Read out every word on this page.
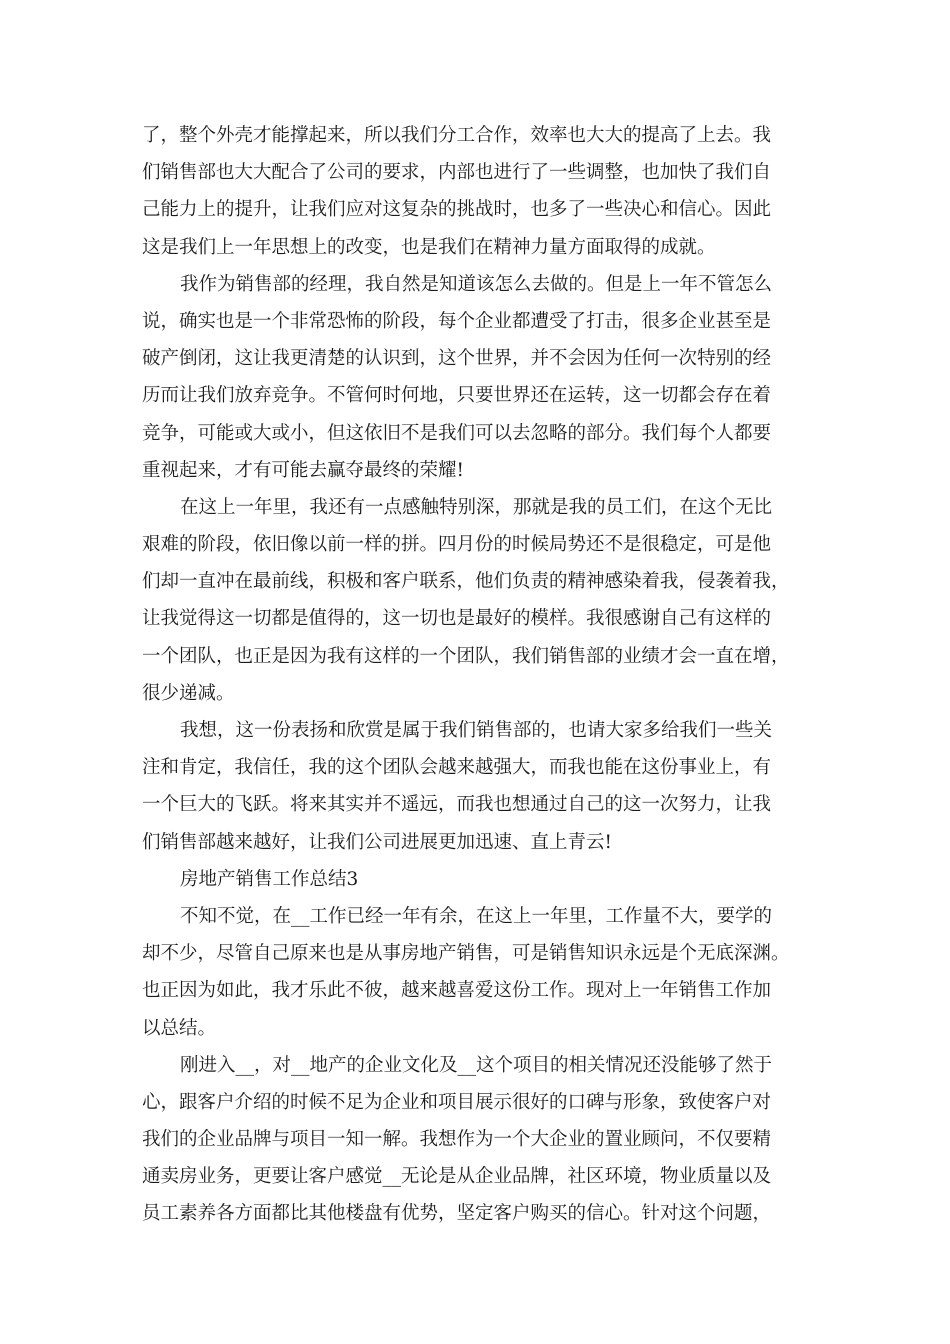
了，整个外壳才能撑起来，所以我们分工合作，效率也大大的提高了上去。我
们销售部也大大配合了公司的要求，内部也进行了一些调整，也加快了我们自
己能力上的提升，让我们应对这复杂的挑战时，也多了一些决心和信心。因此
这是我们上一年思想上的改变，也是我们在精神力量方面取得的成就。
我作为销售部的经理，我自然是知道该怎么去做的。但是上一年不管怎么
说，确实也是一个非常恐怖的阶段，每个企业都遭受了打击，很多企业甚至是
破产倒闭，这让我更清楚的认识到，这个世界，并不会因为任何一次特别的经
历而让我们放弃竞争。不管何时何地，只要世界还在运转，这一切都会存在着
竞争，可能或大或小，但这依旧不是我们可以去忽略的部分。我们每个人都要
重视起来，才有可能去赢夺最终的荣耀!
在这上一年里，我还有一点感触特别深，那就是我的员工们，在这个无比
艰难的阶段，依旧像以前一样的拼。四月份的时候局势还不是很稳定，可是他
们却一直冲在最前线，积极和客户联系，他们负责的精神感染着我，侵袭着我，
让我觉得这一切都是值得的，这一切也是最好的模样。我很感谢自己有这样的
一个团队，也正是因为我有这样的一个团队，我们销售部的业绩才会一直在增，
很少递减。
我想，这一份表扬和欣赏是属于我们销售部的，也请大家多给我们一些关
注和肯定，我信任，我的这个团队会越来越强大，而我也能在这份事业上，有
一个巨大的飞跃。将来其实并不遥远，而我也想通过自己的这一次努力，让我
们销售部越来越好，让我们公司进展更加迅速、直上青云!
房地产销售工作总结3
不知不觉，在__工作已经一年有余，在这上一年里，工作量不大，要学的
却不少，尽管自己原来也是从事房地产销售，可是销售知识永远是个无底深渊。
也正因为如此，我才乐此不彼，越来越喜爱这份工作。现对上一年销售工作加
以总结。
刚进入__，对__地产的企业文化及__这个项目的相关情况还没能够了然于
心，跟客户介绍的时候不足为企业和项目展示很好的口碑与形象，致使客户对
我们的企业品牌与项目一知一解。我想作为一个大企业的置业顾问，不仅要精
通卖房业务，更要让客户感觉__无论是从企业品牌，社区环境，物业质量以及
员工素养各方面都比其他楼盘有优势，坚定客户购买的信心。针对这个问题，
